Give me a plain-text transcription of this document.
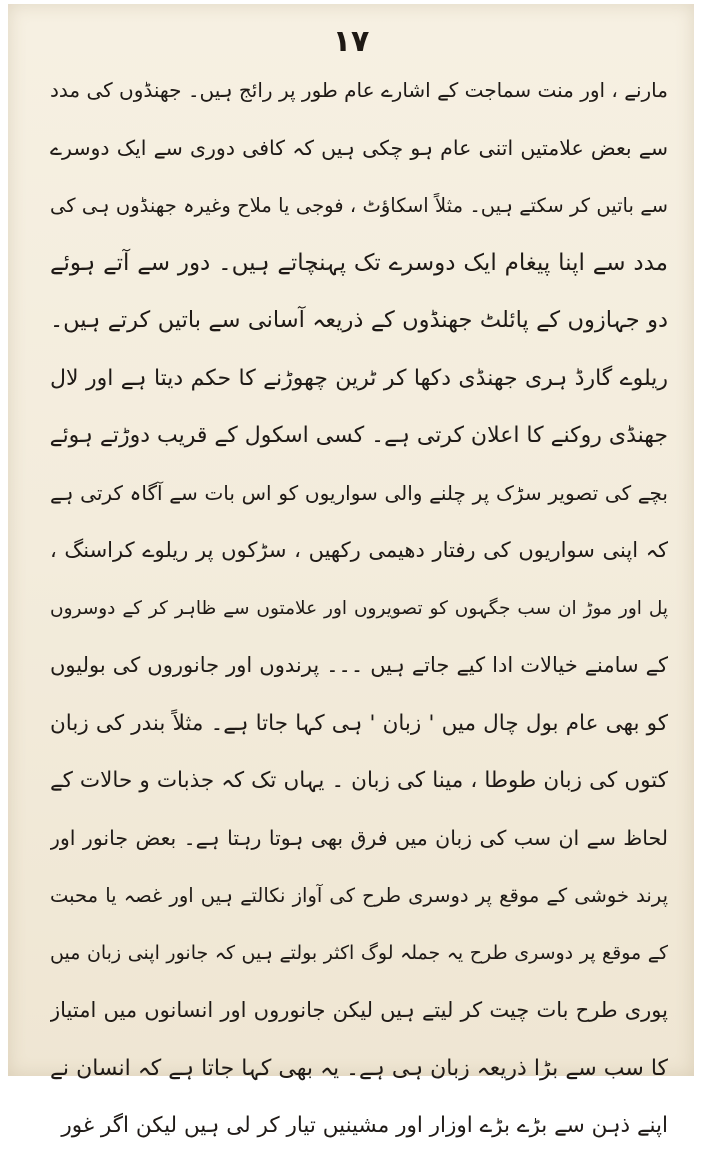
١٧
مارنے ، اور منت سماجت کے اشارے عام طور پر رائج ہیں۔ جھنڈوں کی مدد
سے بعض علامتیں اتنی عام ہو چکی ہیں کہ کافی دوری سے ایک دوسرے
سے باتیں کر سکتے ہیں۔ مثلاً اسکاؤٹ ، فوجی یا ملاح وغیرہ جھنڈوں ہی کی
مدد سے اپنا پیغام ایک دوسرے تک پہنچاتے ہیں۔ دور سے آتے ہوئے
دو جہازوں کے پائلٹ جھنڈوں کے ذریعہ آسانی سے باتیں کرتے ہیں۔
ریلوے گارڈ ہری جھنڈی دکھا کر ٹرین چھوڑنے کا حکم دیتا ہے اور لال
جھنڈی روکنے کا اعلان کرتی ہے۔ کسی اسکول کے قریب دوڑتے ہوئے
بچے کی تصویر سڑک پر چلنے والی سواریوں کو اس بات سے آگاہ کرتی ہے
کہ اپنی سواریوں کی رفتار دھیمی رکھیں ، سڑکوں پر ریلوے کراسنگ ،
پل اور موڑ ان سب جگہوں کو تصویروں اور علامتوں سے ظاہر کر کے دوسروں
کے سامنے خیالات ادا کیے جاتے ہیں ۔۔۔ پرندوں اور جانوروں کی بولیوں
کو بھی عام بول چال میں ' زبان ' ہی کہا جاتا ہے۔ مثلاً بندر کی زبان
کتوں کی زبان طوطا ، مینا کی زبان ۔ یہاں تک کہ جذبات و حالات کے
لحاظ سے ان سب کی زبان میں فرق بھی ہوتا رہتا ہے۔ بعض جانور اور
پرند خوشی کے موقع پر دوسری طرح کی آواز نکالتے ہیں اور غصہ یا محبت
کے موقع پر دوسری طرح یہ جملہ لوگ اکثر بولتے ہیں کہ جانور اپنی زبان میں
پوری طرح بات چیت کر لیتے ہیں لیکن جانوروں اور انسانوں میں امتیاز
کا سب سے بڑا ذریعہ زبان ہی ہے۔ یہ بھی کہا جاتا ہے کہ انسان نے
اپنے ذہن سے بڑے بڑے اوزار اور مشینیں تیار کر لی ہیں لیکن اگر غور
